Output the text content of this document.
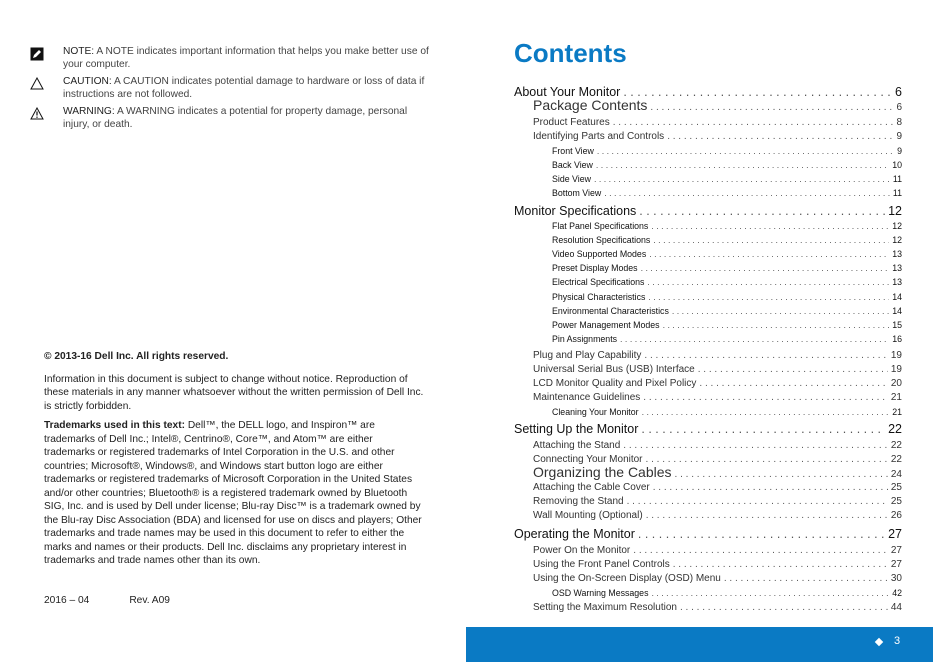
NOTE: A NOTE indicates important information that helps you make better use of your computer.
CAUTION: A CAUTION indicates potential damage to hardware or loss of data if instructions are not followed.
WARNING: A WARNING indicates a potential for property damage, personal injury, or death.

© 2013-16 Dell Inc. All rights reserved.

Information in this document is subject to change without notice. Reproduction of these materials in any manner whatsoever without the written permission of Dell Inc. is strictly forbidden.

Trademarks used in this text: Dell™, the DELL logo, and Inspiron™ are trademarks of Dell Inc.; Intel®, Centrino®, Core™, and Atom™ are either trademarks or registered trademarks of Intel Corporation in the U.S. and other countries; Microsoft®, Windows®, and Windows start button logo are either trademarks or registered trademarks of Microsoft Corporation in the United States and/or other countries; Bluetooth® is a registered trademark owned by Bluetooth SIG, Inc. and is used by Dell under license; Blu-ray Disc™ is a trademark owned by the Blu-ray Disc Association (BDA) and licensed for use on discs and players; Other trademarks and trade names may be used in this document to refer to either the marks and names or their products. Dell Inc. disclaims any proprietary interest in trademarks and trade names other than its own.

2016 – 04	Rev. A09
Contents
About Your Monitor . . .	6
Package Contents . . .	6
Product Features . . .	8
Identifying Parts and Controls . . .	9
Front View . . .	9
Back View . . .	10
Side View . . .	11
Bottom View . . .	11
Monitor Specifications . . .	12
Flat Panel Specifications . . .	12
Resolution Specifications . . .	12
Video Supported Modes . . .	13
Preset Display Modes . . .	13
Electrical Specifications . . .	13
Physical Characteristics . . .	14
Environmental Characteristics . . .	14
Power Management Modes . . .	15
Pin Assignments . . .	16
Plug and Play Capability . . .	19
Universal Serial Bus (USB) Interface . . .	19
LCD Monitor Quality and Pixel Policy . . .	20
Maintenance Guidelines . . .	21
Cleaning Your Monitor . . .	21
Setting Up the Monitor . . .	22
Attaching the Stand . . .	22
Connecting Your Monitor . . .	22
Organizing the Cables . . .	24
Attaching the Cable Cover . . .	25
Removing the Stand . . .	25
Wall Mounting (Optional) . . .	26
Operating the Monitor . . .	27
Power On the Monitor . . .	27
Using the Front Panel Controls . . .	27
Using the On-Screen Display (OSD) Menu . . .	30
OSD Warning Messages . . .	42
Setting the Maximum Resolution . . .	44
3
